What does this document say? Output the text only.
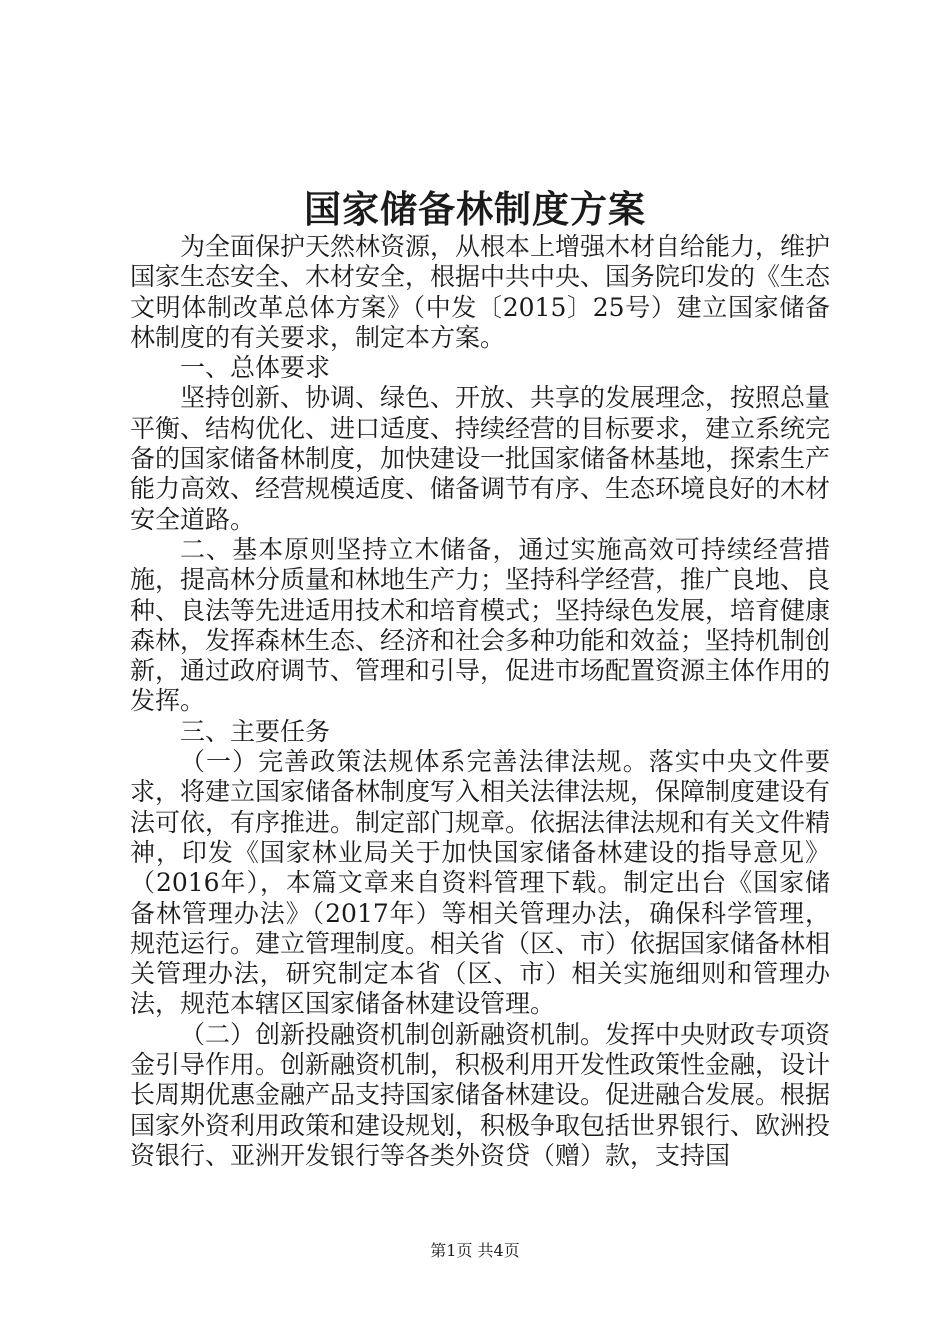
国家储备林制度方案

为全面保护天然林资源，从根本上增强木材自给能力，维护国家生态安全、木材安全，根据中共中央、国务院印发的《生态文明体制改革总体方案》（中发〔2015〕25号）建立国家储备林制度的有关要求，制定本方案。

一、总体要求

坚持创新、协调、绿色、开放、共享的发展理念，按照总量平衡、结构优化、进口适度、持续经营的目标要求，建立系统完备的国家储备林制度，加快建设一批国家储备林基地，探索生产能力高效、经营规模适度、储备调节有序、生态环境良好的木材安全道路。

二、基本原则坚持立木储备，通过实施高效可持续经营措施，提高林分质量和林地生产力；坚持科学经营，推广良地、良种、良法等先进适用技术和培育模式；坚持绿色发展，培育健康森林，发挥森林生态、经济和社会多种功能和效益；坚持机制创新，通过政府调节、管理和引导，促进市场配置资源主体作用的发挥。

三、主要任务

（一）完善政策法规体系完善法律法规。落实中央文件要求，将建立国家储备林制度写入相关法律法规，保障制度建设有法可依，有序推进。制定部门规章。依据法律法规和有关文件精神，印发《国家林业局关于加快国家储备林建设的指导意见》（2016年），本篇文章来自资料管理下载。制定出台《国家储备林管理办法》（2017年）等相关管理办法，确保科学管理，规范运行。建立管理制度。相关省（区、市）依据国家储备林相关管理办法，研究制定本省（区、市）相关实施细则和管理办法，规范本辖区国家储备林建设管理。

（二）创新投融资机制创新融资机制。发挥中央财政专项资金引导作用。创新融资机制，积极利用开发性政策性金融，设计长周期优惠金融产品支持国家储备林建设。促进融合发展。根据国家外资利用政策和建设规划，积极争取包括世界银行、欧洲投资银行、亚洲开发银行等各类外资贷（赠）款，支持国

第1页 共4页
